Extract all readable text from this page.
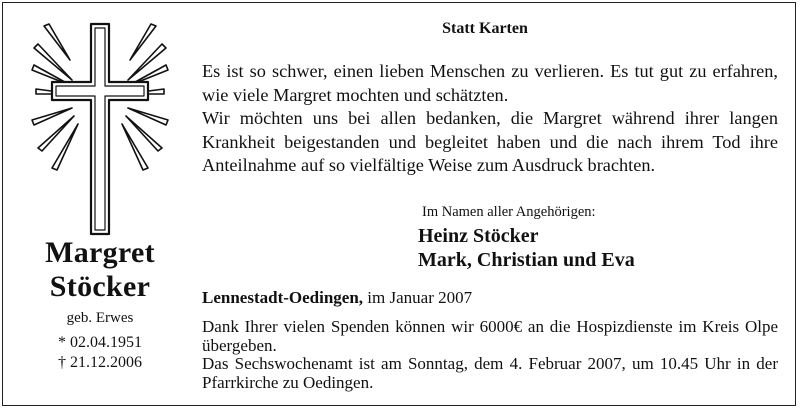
Margret
Stöcker
geb. Erwes
* 02.04.1951
† 21.12.2006
Statt Karten

Es ist so schwer, einen lieben Menschen zu verlieren. Es tut gut zu erfahren, wie viele Margret mochten und schätzten.

Wir möchten uns bei allen bedanken, die Margret während ihrer langen Krankheit beigestanden und begleitet haben und die nach ihrem Tod ihre Anteilnahme auf so vielfältige Weise zum Ausdruck brachten.

Im Namen aller Angehörigen:
Heinz Stöcker
Mark, Christian und Eva
Lennestadt-Oedingen, im Januar 2007

Dank Ihrer vielen Spenden können wir 6000€ an die Hospizdienste im Kreis Olpe übergeben.

Das Sechswochenamt ist am Sonntag, dem 4. Februar 2007, um 10.45 Uhr in der Pfarrkirche zu Oedingen.
